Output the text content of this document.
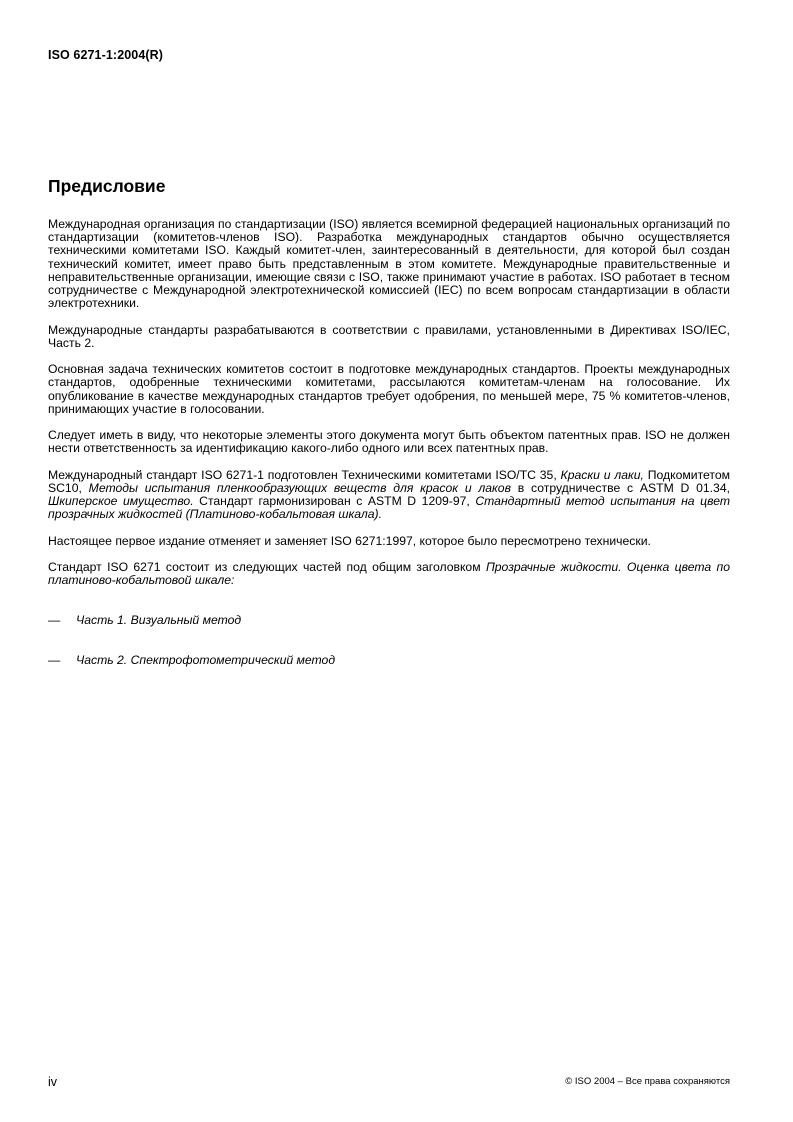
ISO 6271-1:2004(R)
Предисловие

Международная организация по стандартизации (ISO) является всемирной федерацией национальных организаций по стандартизации (комитетов-членов ISO). Разработка международных стандартов обычно осуществляется техническими комитетами ISO. Каждый комитет-член, заинтересованный в деятельности, для которой был создан технический комитет, имеет право быть представленным в этом комитете. Международные правительственные и неправительственные организации, имеющие связи с ISO, также принимают участие в работах. ISO работает в тесном сотрудничестве с Международной электротехнической комиссией (IEC) по всем вопросам стандартизации в области электротехники.

Международные стандарты разрабатываются в соответствии с правилами, установленными в Директивах ISO/IEC, Часть 2.

Основная задача технических комитетов состоит в подготовке международных стандартов. Проекты международных стандартов, одобренные техническими комитетами, рассылаются комитетам-членам на голосование. Их опубликование в качестве международных стандартов требует одобрения, по меньшей мере, 75 % комитетов-членов, принимающих участие в голосовании.

Следует иметь в виду, что некоторые элементы этого документа могут быть объектом патентных прав. ISO не должен нести ответственность за идентификацию какого-либо одного или всех патентных прав.

Международный стандарт ISO 6271-1 подготовлен Техническими комитетами ISO/TC 35, Краски и лаки, Подкомитетом SC10, Методы испытания пленкообразующих веществ для красок и лаков в сотрудничестве с ASTM D 01.34, Шкиперское имущество. Стандарт гармонизирован с ASTM D 1209-97, Стандартный метод испытания на цвет прозрачных жидкостей (Платиново-кобальтовая шкала).

Настоящее первое издание отменяет и заменяет ISO 6271:1997, которое было пересмотрено технически.

Стандарт ISO 6271 состоит из следующих частей под общим заголовком Прозрачные жидкости. Оценка цвета по платиново-кобальтовой шкале:

—	Часть 1. Визуальный метод
—	Часть 2. Спектрофотометрический метод
iv	© ISO 2004 – Все права сохраняются
